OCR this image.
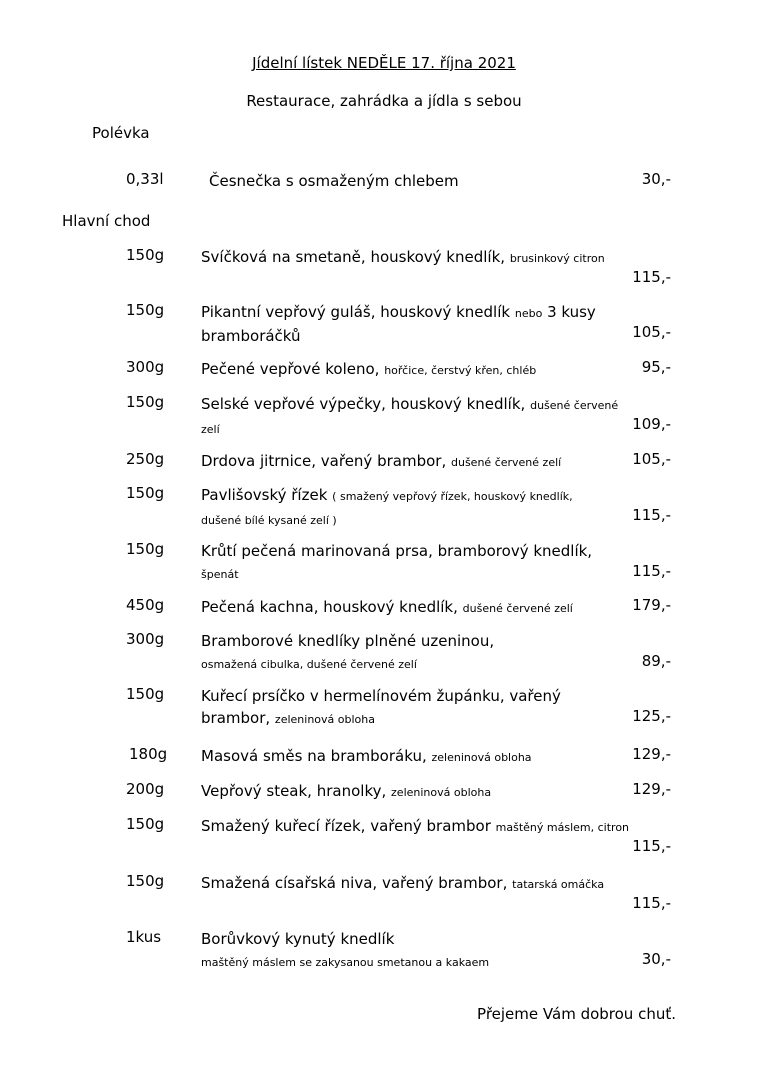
Jídelní lístek NEDĚLE 17. října 2021
Restaurace, zahrádka a jídla s sebou
Polévka
0,33l	Česnečka s osmaženým chlebem	30,-
Hlavní chod
150g Svíčková na smetaně, houskový knedlík, brusinkový citron
115,-
150g Pikantní vepřový guláš, houskový knedlík nebo 3 kusy bramboráčků	105,-
300g Pečené vepřové koleno, hořčice, čerstvý křen, chléb	95,-
150g Selské vepřové výpečky, houskový knedlík, dušené červené zelí	109,-
250g Drdova jitrnice, vařený brambor, dušené červené zelí	105,-
150g Pavlišovský řízek ( smažený vepřový řízek, houskový knedlík, dušené bílé kysané zelí )	115,-
150g Krůtí pečená marinovaná prsa, bramborový knedlík, špenát	115,-
450g Pečená kachna, houskový knedlík, dušené červené zelí	179,-
300g Bramborové knedlíky plněné uzeninou,
osmažená cibulka, dušené červené zelí	89,-
150g Kuřecí prsíčko v hermelínovém župánku, vařený brambor, zeleninová obloha	125,-
180g Masová směs na bramboráku, zeleninová obloha	129,-
200g Vepřový steak, hranolky, zeleninová obloha	129,-
150g Smažený kuřecí řízek, vařený brambor maštěný máslem, citron
115,-
150g Smažená císařská niva, vařený brambor, tatarská omáčka
115,-
1kus	Borůvkový kynutý knedlík
maštěný máslem se zakysanou smetanou a kakaem	30,-
Přejeme Vám dobrou chuť.
